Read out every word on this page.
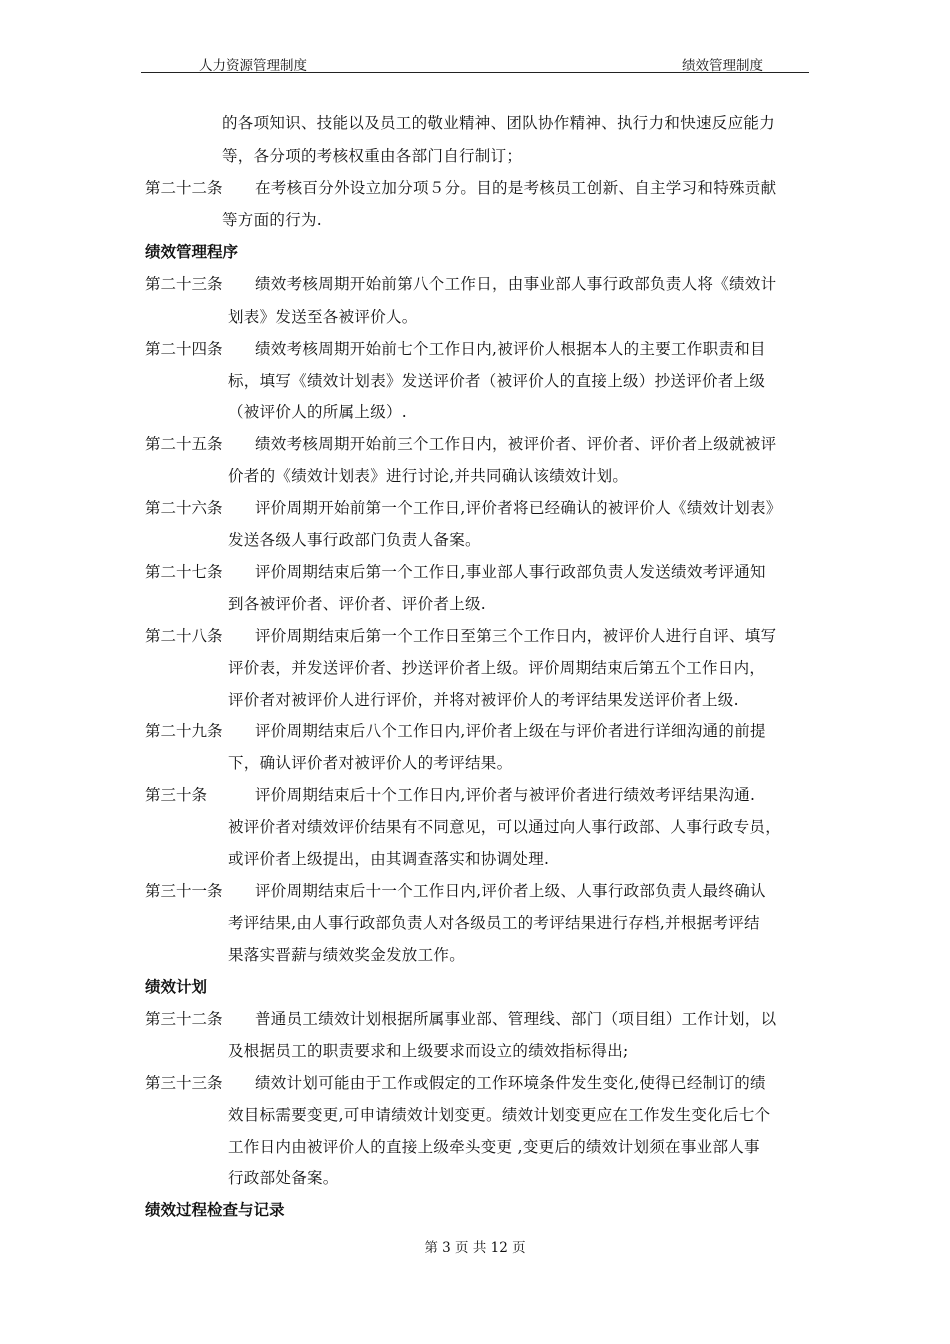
人力资源管理制度	绩效管理制度
的各项知识、技能以及员工的敬业精神、团队协作精神、执行力和快速反应能力
等，各分项的考核权重由各部门自行制订；
第二十二条 在考核百分外设立加分项５分。目的是考核员工创新、自主学习和特殊贡献
等方面的行为.
绩效管理程序
第二十三条 绩效考核周期开始前第八个工作日，由事业部人事行政部负责人将《绩效计
划表》发送至各被评价人。
第二十四条 绩效考核周期开始前七个工作日内,被评价人根据本人的主要工作职责和目
标，填写《绩效计划表》发送评价者（被评价人的直接上级）抄送评价者上级
（被评价人的所属上级）.
第二十五条 绩效考核周期开始前三个工作日内，被评价者、评价者、评价者上级就被评
价者的《绩效计划表》进行讨论,并共同确认该绩效计划。
第二十六条 评价周期开始前第一个工作日,评价者将已经确认的被评价人《绩效计划表》
发送各级人事行政部门负责人备案。
第二十七条 评价周期结束后第一个工作日,事业部人事行政部负责人发送绩效考评通知
到各被评价者、评价者、评价者上级.
第二十八条 评价周期结束后第一个工作日至第三个工作日内，被评价人进行自评、填写
评价表，并发送评价者、抄送评价者上级。评价周期结束后第五个工作日内，
评价者对被评价人进行评价，并将对被评价人的考评结果发送评价者上级.
第二十九条 评价周期结束后八个工作日内,评价者上级在与评价者进行详细沟通的前提
下，确认评价者对被评价人的考评结果。
第三十条	评价周期结束后十个工作日内,评价者与被评价者进行绩效考评结果沟通.
被评价者对绩效评价结果有不同意见，可以通过向人事行政部、人事行政专员，
或评价者上级提出，由其调查落实和协调处理.
第三十一条 评价周期结束后十一个工作日内,评价者上级、人事行政部负责人最终确认
考评结果,由人事行政部负责人对各级员工的考评结果进行存档,并根据考评结
果落实晋薪与绩效奖金发放工作。
绩效计划
第三十二条 普通员工绩效计划根据所属事业部、管理线、部门（项目组）工作计划，以
及根据员工的职责要求和上级要求而设立的绩效指标得出;
第三十三条 绩效计划可能由于工作或假定的工作环境条件发生变化,使得已经制订的绩
效目标需要变更,可申请绩效计划变更。绩效计划变更应在工作发生变化后七个
工作日内由被评价人的直接上级牵头变更 ,变更后的绩效计划须在事业部人事
行政部处备案。
绩效过程检查与记录
第 3 页 共 12 页
